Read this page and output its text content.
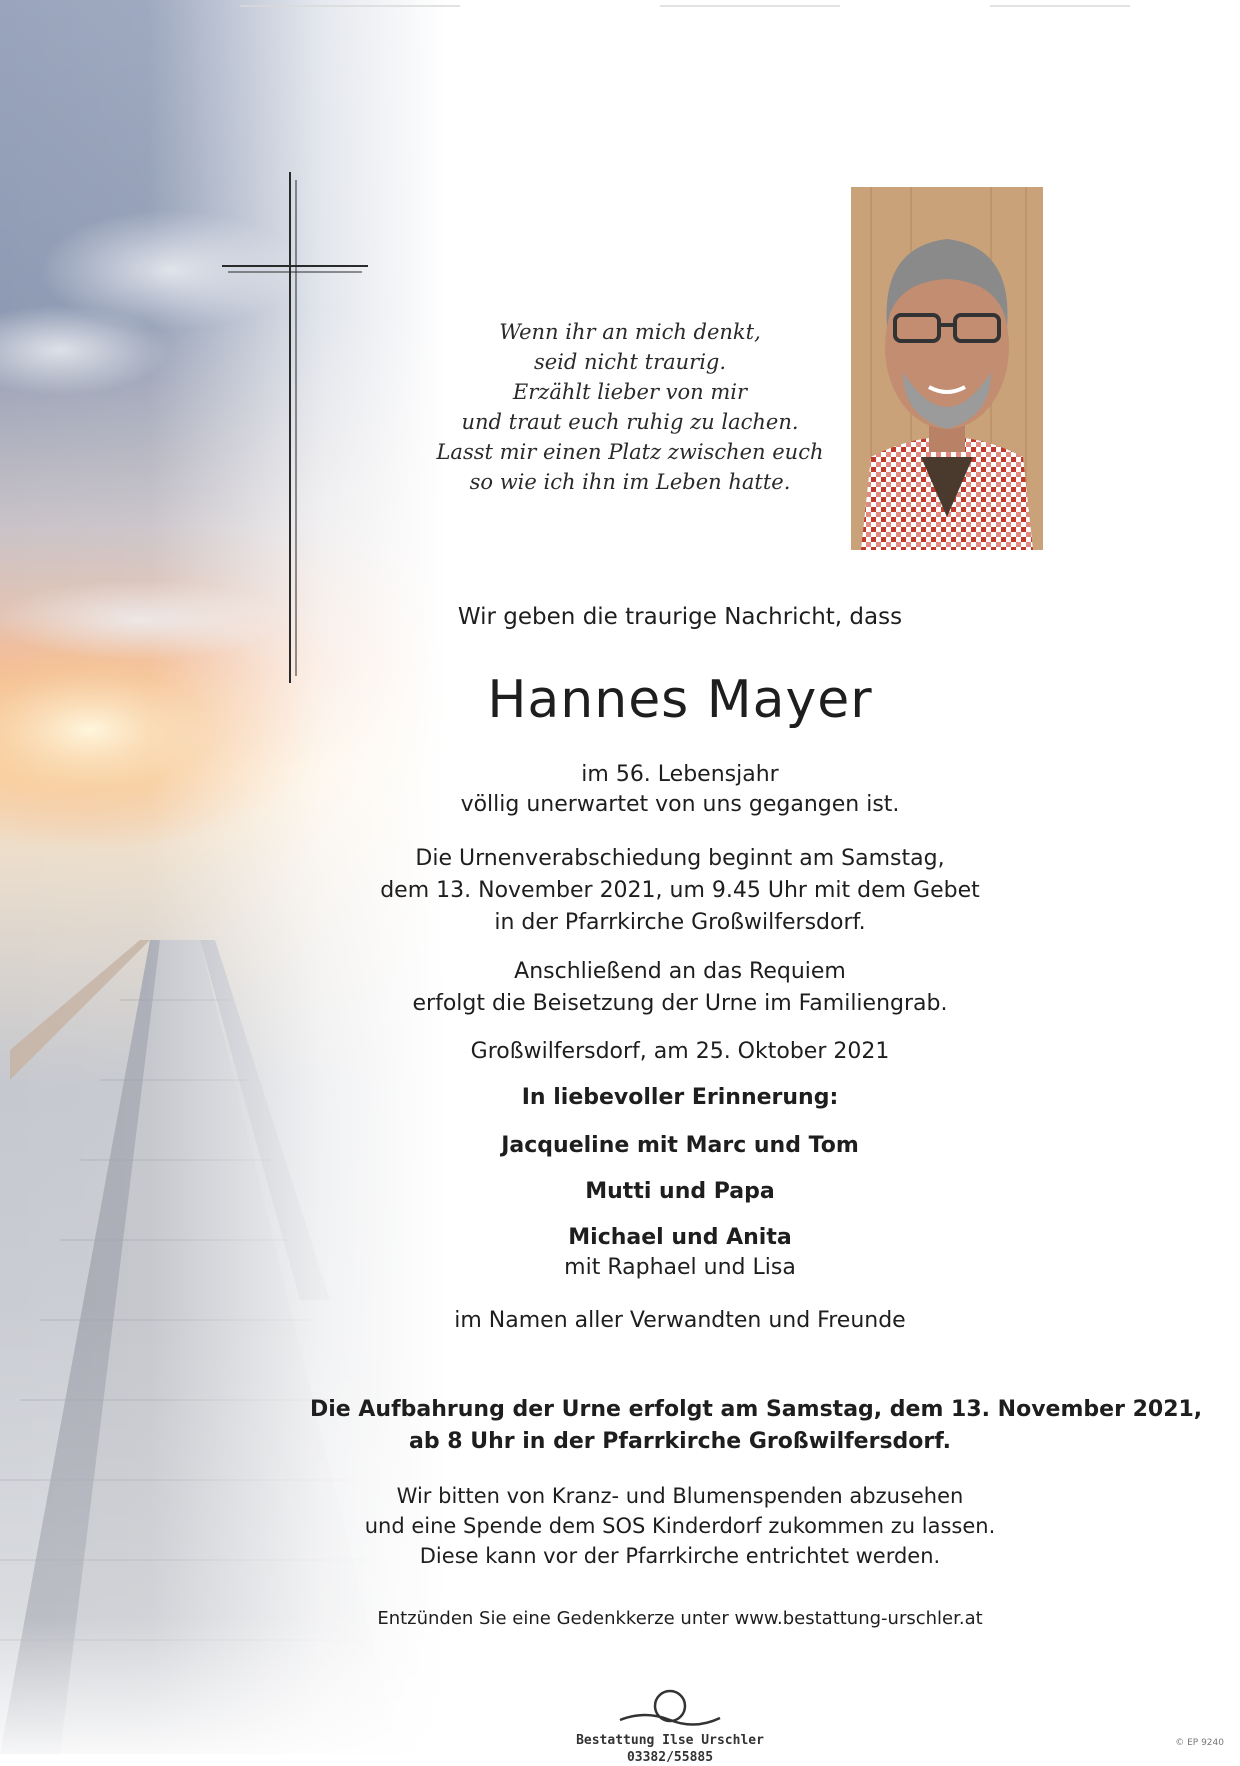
Wenn ihr an mich denkt,
seid nicht traurig.
Erzählt lieber von mir
und traut euch ruhig zu lachen.
Lasst mir einen Platz zwischen euch
so wie ich ihn im Leben hatte.
Wir geben die traurige Nachricht, dass
Hannes Mayer
im 56. Lebensjahr
völlig unerwartet von uns gegangen ist.
Die Urnenverabschiedung beginnt am Samstag,
dem 13. November 2021, um 9.45 Uhr mit dem Gebet
in der Pfarrkirche Großwilfersdorf.
Anschließend an das Requiem
erfolgt die Beisetzung der Urne im Familiengrab.
Großwilfersdorf, am 25. Oktober 2021
In liebevoller Erinnerung:
Jacqueline mit Marc und Tom
Mutti und Papa
Michael und Anita
mit Raphael und Lisa
im Namen aller Verwandten und Freunde
Die Aufbahrung der Urne erfolgt am Samstag, dem 13. November 2021,
ab 8 Uhr in der Pfarrkirche Großwilfersdorf.
Wir bitten von Kranz- und Blumenspenden abzusehen
und eine Spende dem SOS Kinderdorf zukommen zu lassen.
Diese kann vor der Pfarrkirche entrichtet werden.
Entzünden Sie eine Gedenkkerze unter www.bestattung-urschler.at
Bestattung Ilse Urschler
03382/55885
© EP 9240
